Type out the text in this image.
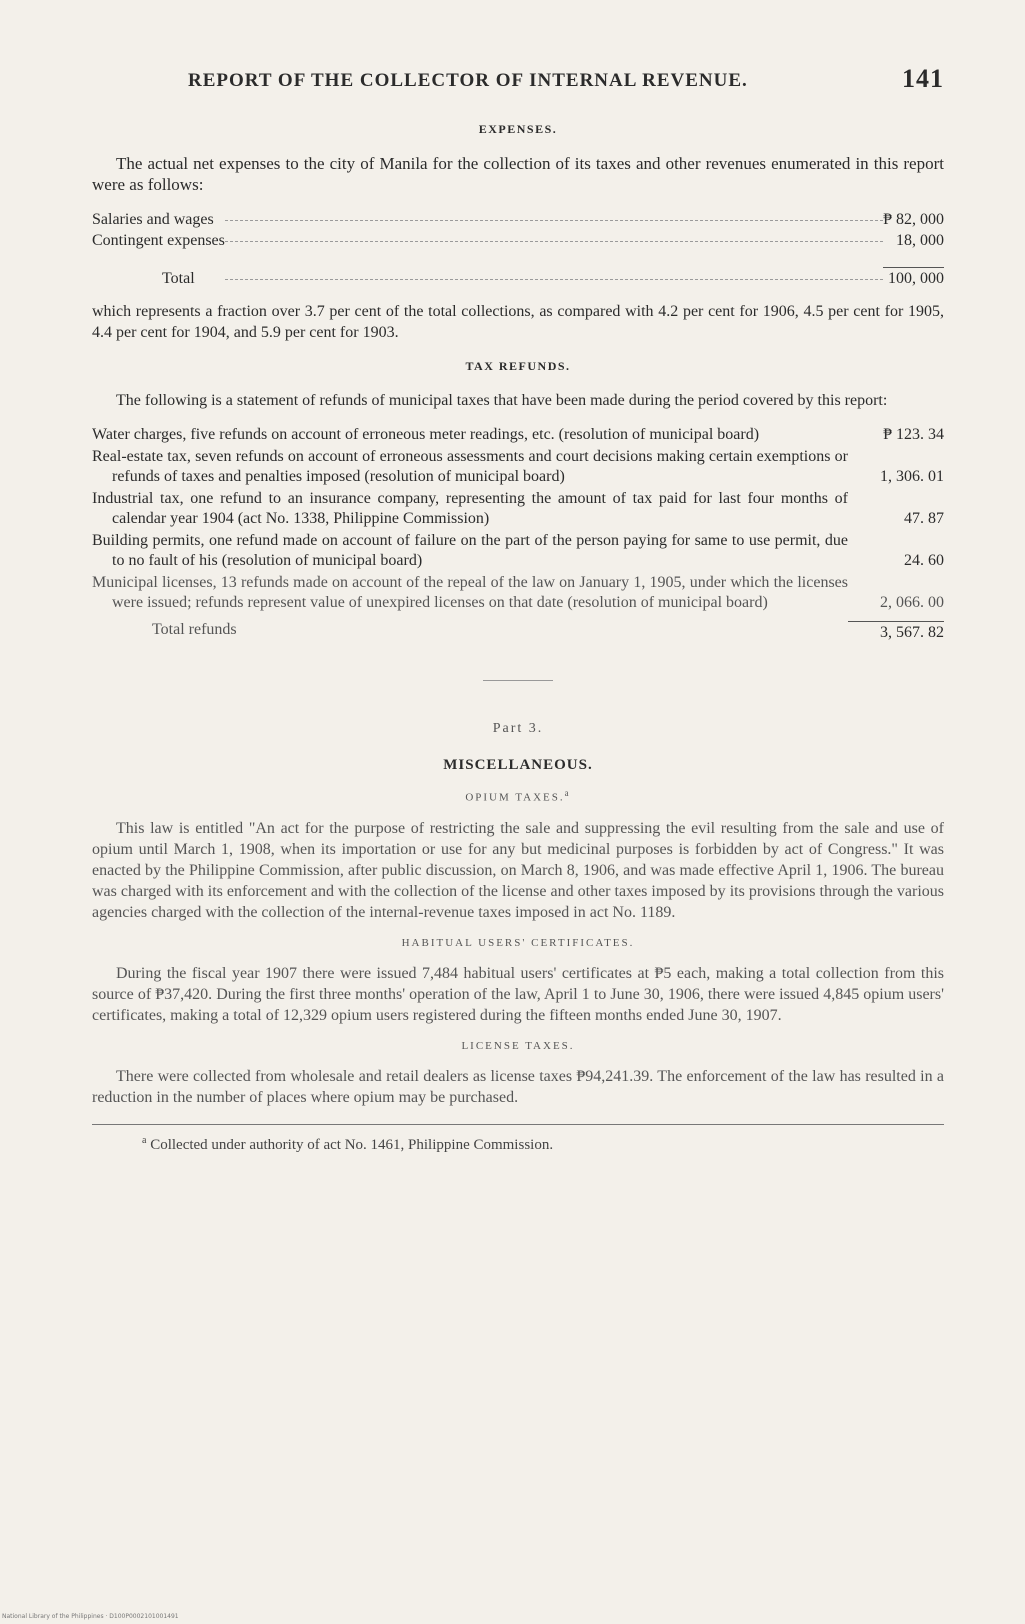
REPORT OF THE COLLECTOR OF INTERNAL REVENUE.	141
EXPENSES.

The actual net expenses to the city of Manila for the collection of its taxes and other revenues enumerated in this report were as follows:

Salaries and wages		₱ 82, 000
Contingent expenses		18, 000

Total		100, 000

which represents a fraction over 3.7 per cent of the total collections, as compared with 4.2 per cent for 1906, 4.5 per cent for 1905, 4.4 per cent for 1904, and 5.9 per cent for 1903.

TAX REFUNDS.

The following is a statement of refunds of municipal taxes that have been made during the period covered by this report:

Water charges, five refunds on account of erroneous meter readings, etc. (resolution of municipal board)	₱ 123. 34
Real-estate tax, seven refunds on account of erroneous assessments and court decisions making certain exemptions or refunds of taxes and penalties imposed (resolution of municipal board)	1, 306. 01
Industrial tax, one refund to an insurance company, representing the amount of tax paid for last four months of calendar year 1904 (act No. 1338, Philippine Commission)	47. 87
Building permits, one refund made on account of failure on the part of the person paying for same to use permit, due to no fault of his (resolution of municipal board)	24. 60
Municipal licenses, 13 refunds made on account of the repeal of the law on January 1, 1905, under which the licenses were issued; refunds represent value of unexpired licenses on that date (resolution of municipal board)	2, 066. 00
Total refunds	3, 567. 82
Part 3.
MISCELLANEOUS.
OPIUM TAXES.$^a$

This law is entitled "An act for the purpose of restricting the sale and suppressing the evil resulting from the sale and use of opium until March 1, 1908, when its importation or use for any but medicinal purposes is forbidden by act of Congress." It was enacted by the Philippine Commission, after public discussion, on March 8, 1906, and was made effective April 1, 1906. The bureau was charged with its enforcement and with the collection of the license and other taxes imposed by its provisions through the various agencies charged with the collection of the internal-revenue taxes imposed in act No. 1189.

HABITUAL USERS' CERTIFICATES.

During the fiscal year 1907 there were issued 7,484 habitual users' certificates at ₱5 each, making a total collection from this source of ₱37,420. During the first three months' operation of the law, April 1 to June 30, 1906, there were issued 4,845 opium users' certificates, making a total of 12,329 opium users registered during the fifteen months ended June 30, 1907.

LICENSE TAXES.

There were collected from wholesale and retail dealers as license taxes ₱94,241.39. The enforcement of the law has resulted in a reduction in the number of places where opium may be purchased.

$^a$ Collected under authority of act No. 1461, Philippine Commission.
National Library of the Philippines · D100P0002101001491
